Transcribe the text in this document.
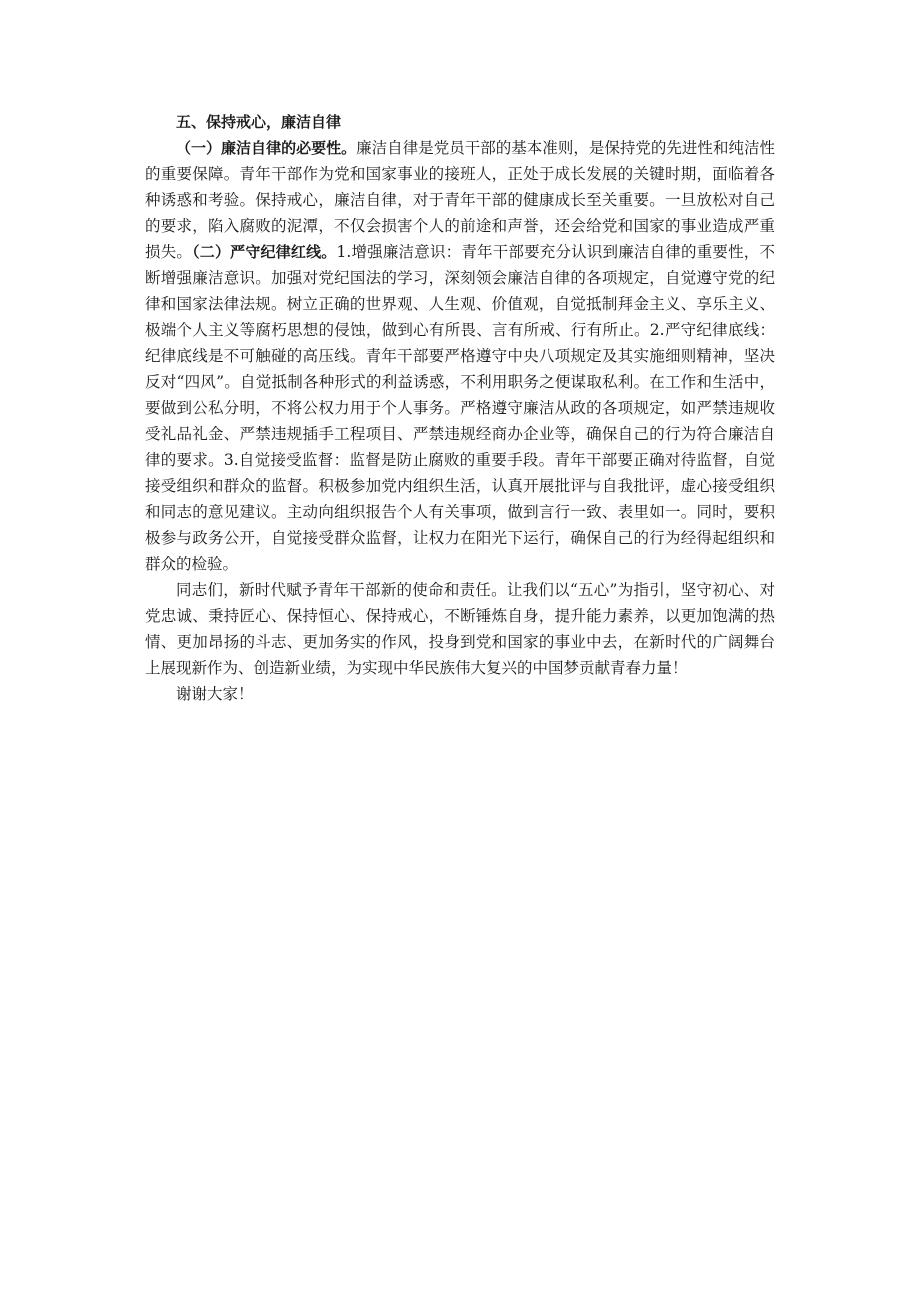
五、保持戒心，廉洁自律

（一）廉洁自律的必要性。廉洁自律是党员干部的基本准则，是保持党的先进性和纯洁性的重要保障。青年干部作为党和国家事业的接班人，正处于成长发展的关键时期，面临着各种诱惑和考验。保持戒心，廉洁自律，对于青年干部的健康成长至关重要。一旦放松对自己的要求，陷入腐败的泥潭，不仅会损害个人的前途和声誉，还会给党和国家的事业造成严重损失。（二）严守纪律红线。1.增强廉洁意识：青年干部要充分认识到廉洁自律的重要性，不断增强廉洁意识。加强对党纪国法的学习，深刻领会廉洁自律的各项规定，自觉遵守党的纪律和国家法律法规。树立正确的世界观、人生观、价值观，自觉抵制拜金主义、享乐主义、极端个人主义等腐朽思想的侵蚀，做到心有所畏、言有所戒、行有所止。2.严守纪律底线：纪律底线是不可触碰的高压线。青年干部要严格遵守中央八项规定及其实施细则精神，坚决反对“四风”。自觉抵制各种形式的利益诱惑，不利用职务之便谋取私利。在工作和生活中，要做到公私分明，不将公权力用于个人事务。严格遵守廉洁从政的各项规定，如严禁违规收受礼品礼金、严禁违规插手工程项目、严禁违规经商办企业等，确保自己的行为符合廉洁自律的要求。3.自觉接受监督：监督是防止腐败的重要手段。青年干部要正确对待监督，自觉接受组织和群众的监督。积极参加党内组织生活，认真开展批评与自我批评，虚心接受组织和同志的意见建议。主动向组织报告个人有关事项，做到言行一致、表里如一。同时，要积极参与政务公开，自觉接受群众监督，让权力在阳光下运行，确保自己的行为经得起组织和群众的检验。

同志们，新时代赋予青年干部新的使命和责任。让我们以“五心”为指引，坚守初心、对党忠诚、秉持匠心、保持恒心、保持戒心，不断锤炼自身，提升能力素养，以更加饱满的热情、更加昂扬的斗志、更加务实的作风，投身到党和国家的事业中去，在新时代的广阔舞台上展现新作为、创造新业绩，为实现中华民族伟大复兴的中国梦贡献青春力量！

谢谢大家！
